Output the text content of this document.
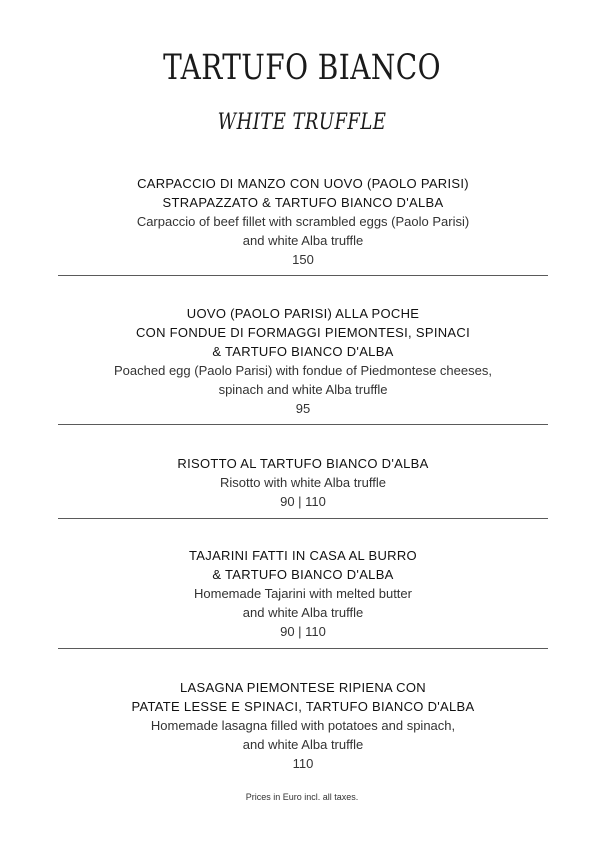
TARTUFO BIANCO
WHITE TRUFFLE
CARPACCIO DI MANZO CON UOVO (PAOLO PARISI)
STRAPAZZATO & TARTUFO BIANCO D'ALBA
Carpaccio of beef fillet with scrambled eggs (Paolo Parisi)
and white Alba truffle
150
UOVO (PAOLO PARISI) ALLA POCHE
CON FONDUE DI FORMAGGI PIEMONTESI, SPINACI
& TARTUFO BIANCO D'ALBA
Poached egg (Paolo Parisi) with fondue of Piedmontese cheeses,
spinach and white Alba truffle
95
RISOTTO AL TARTUFO BIANCO D'ALBA
Risotto with white Alba truffle
90 | 110
TAJARINI FATTI IN CASA AL BURRO
& TARTUFO BIANCO D'ALBA
Homemade Tajarini with melted butter
and white Alba truffle
90 | 110
LASAGNA PIEMONTESE RIPIENA CON
PATATE LESSE E SPINACI, TARTUFO BIANCO D'ALBA
Homemade lasagna filled with potatoes and spinach,
and white Alba truffle
110
Prices in Euro incl. all taxes.
